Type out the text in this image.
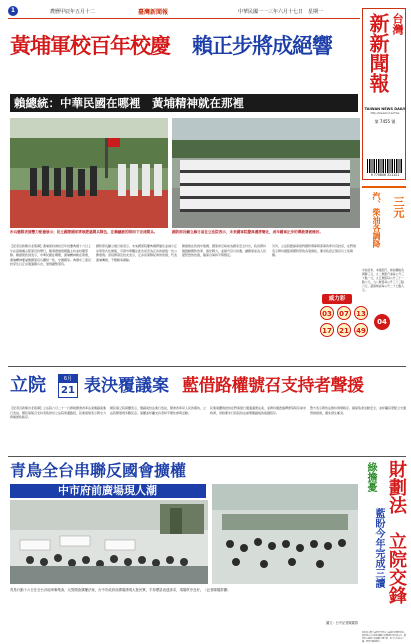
1	農曆甲辰年五月十二	臺灣新聞報	中華民國一一三年六月十七日　星期一
黃埔軍校百年校慶 賴正步將成絕響
賴總統：中華民國在哪裡　黃埔精神就在那裡
台灣
新新聞報
TAIWAN NEWS DAILY
http://www.tnd.wcT.tw
第 7455 號
9 770806 311121
步兵儀隊表演雙刀配槍展示；民主國際國家將領經過閱兵隊伍，在賴總統的陪同下完成閱兵。	國防部長顧立雄日前在立法院表示，未來國軍院慶典禮將簡化，成年國軍正步的傳統將被檢討。
【記者呂新臻台北報導】黃埔軍校建校百年校慶典禮十六日上午在高雄鳳山陸軍官校舉行，賴清德總統親臨主持並校閱部隊。賴總統致詞表示，中華民國在哪裡，黃埔精神就在那裡，黃埔精神要凝聚國軍官兵團結一致，守護國家。典禮中三軍官校學生以正步通過閱兵台，展現嚴整軍容。
國防部長顧立雄日前表示，未來國軍院慶典禮將簡化並減少正步等形式化操演，引發外界關注此次是否為正步的最後一次公開展現。退役將領及校友表示，正步是軍隊紀律的象徵，代表黃埔傳統，不應輕易廢除。
賴總統在致詞中強調，國軍弟兄姊妹為國家安全付出，政府將持續推動國防改革，強化戰力，並提升官兵待遇，讓國軍成為人民最堅實的依靠，確保台海和平與穩定。
另外，立法院藍綠兩黨對國防預算與軍事改革仍有歧見，在野黨表示將持續監督國防部的各項施政，要求政府正視官兵士氣問題。
汽、柴油各調降	三元
中油宣布，本週起汽、柴油價格各調降三元，九二無鉛汽油每公升三十點一元，九五無鉛每公升三十一點六元，九八無鉛每公升三十三點六元，超級柴油每公升二十七點九元。
威力彩
03	07	13
17	21	49
04
立院	6月
21 表決覆議案 藍借路權號召支持者聲援
【記者呂新臻台北報導】立法院六月二十一日將就國會改革法案覆議案進行表決，國民黨號召支持者集結於立法院周邊路段，民進黨則表示將全力捍衛憲政秩序。
國民黨立院黨團表示，覆議案依法進行表決，國會改革是人民的期待，立法院應展現多數民意。黨團並呼籲支持者和平理性參與活動。
民進黨團則批評在野黨強行通過違憲法案，並將持續透過釋憲等程序尋求救濟，同時要求行政院依法處理覆議後的後續程序。
警方表示將依法維持現場秩序，確保集會活動安全，並呼籲民眾配合交通管制措施，避免發生衝突。
青鳥全台串聯反國會擴權
中市府前廣場現人潮
青鳥行動十六日在全台各地串聯集會，反對國會擴權法案，台中市政府前廣場湧現大批民眾，手持標語表達訴求，現場秩序良好。（記者陳耀群攝）
圖文：台中記者陳耀群
財劃法　立院交鋒
綠擔憂
藍盼今年完成三讀
財政收支劃分法修正草案在立法院引發朝野攻防。綠營擔心中央財政遭掏空影響國防及社福支出，藍營則主張地方財源應合理分配，盼今年內完成三讀，兩黨持續協商中。
